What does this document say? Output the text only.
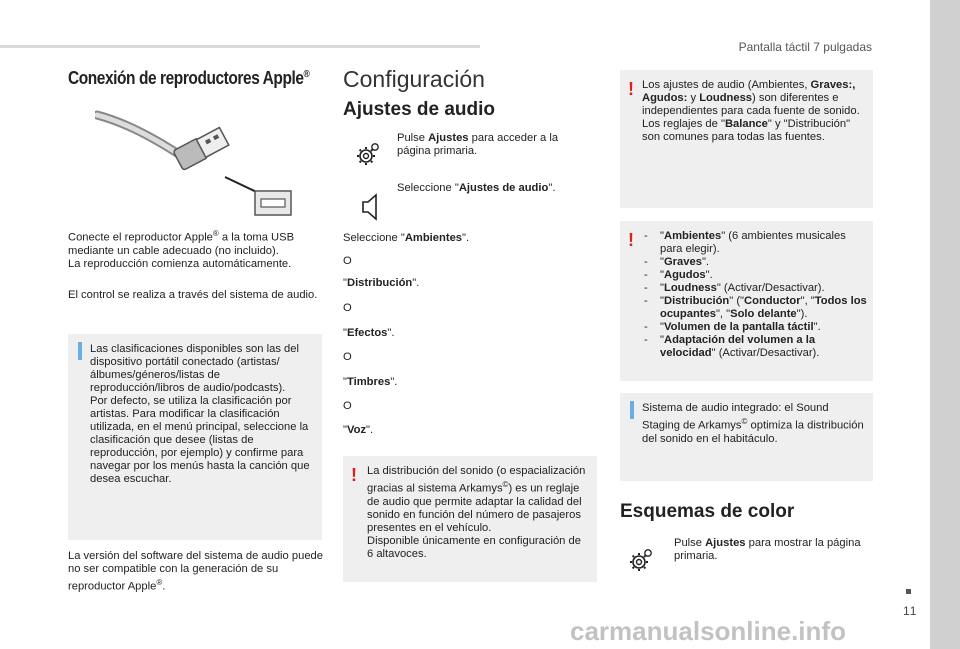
Pantalla táctil 7 pulgadas
11
carmanualsonline.info
Conexión de reproductores Apple®
Conecte el reproductor Apple® a la toma USB mediante un cable adecuado (no incluido).
La reproducción comienza automáticamente.
El control se realiza a través del sistema de audio.
Las clasificaciones disponibles son las del dispositivo portátil conectado (artistas/álbumes/géneros/listas de reproducción/libros de audio/podcasts).
Por defecto, se utiliza la clasificación por artistas. Para modificar la clasificación utilizada, en el menú principal, seleccione la clasificación que desee (listas de reproducción, por ejemplo) y confirme para navegar por los menús hasta la canción que desea escuchar.
La versión del software del sistema de audio puede no ser compatible con la generación de su reproductor Apple®.
Configuración
Ajustes de audio
Pulse Ajustes para acceder a la página primaria.
Seleccione "Ajustes de audio".
Seleccione "Ambientes".
O
"Distribución".
O
"Efectos".
O
"Timbres".
O
"Voz".
! La distribución del sonido (o espacialización gracias al sistema Arkamys©) es un reglaje de audio que permite adaptar la calidad del sonido en función del número de pasajeros presentes en el vehículo.
Disponible únicamente en configuración de 6 altavoces.
! Los ajustes de audio (Ambientes, Graves:, Agudos: y Loudness) son diferentes e independientes para cada fuente de sonido.
Los reglajes de "Balance" y "Distribución" son comunes para todas las fuentes.
!
-	"Ambientes" (6 ambientes musicales para elegir).
- "Graves".
- "Agudos".
- "Loudness" (Activar/Desactivar).
- "Distribución" ("Conductor", "Todos los ocupantes", "Solo delante").
- "Volumen de la pantalla táctil".
- "Adaptación del volumen a la velocidad" (Activar/Desactivar).
Sistema de audio integrado: el Sound Staging de Arkamys© optimiza la distribución del sonido en el habitáculo.
Esquemas de color
Pulse Ajustes para mostrar la página primaria.
